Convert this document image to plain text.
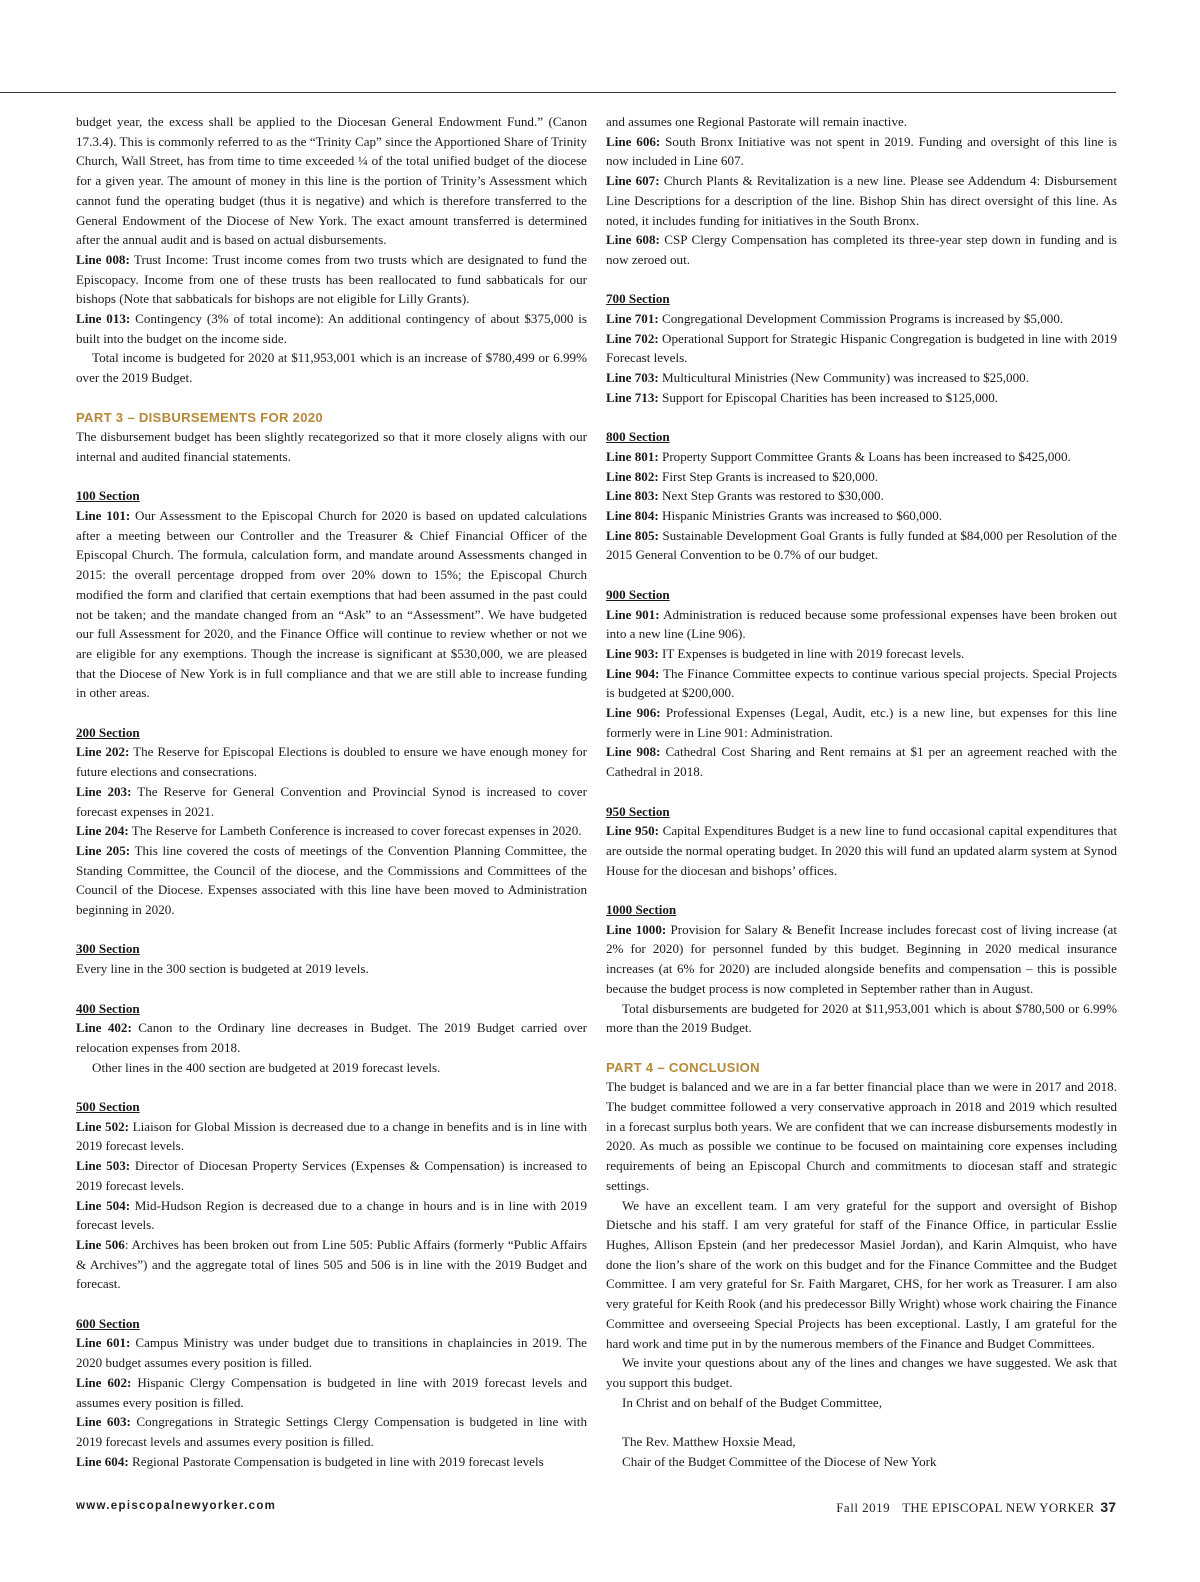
budget year, the excess shall be applied to the Diocesan General Endowment Fund.” (Canon 17.3.4). This is commonly referred to as the “Trinity Cap” since the Apportioned Share of Trinity Church, Wall Street, has from time to time exceeded ¼ of the total unified budget of the diocese for a given year. The amount of money in this line is the portion of Trinity’s Assessment which cannot fund the operating budget (thus it is negative) and which is therefore transferred to the General Endowment of the Diocese of New York. The exact amount transferred is determined after the annual audit and is based on actual disbursements.

Line 008: Trust Income: Trust income comes from two trusts which are designated to fund the Episcopacy. Income from one of these trusts has been reallocated to fund sabbaticals for our bishops (Note that sabbaticals for bishops are not eligible for Lilly Grants).

Line 013: Contingency (3% of total income): An additional contingency of about $375,000 is built into the budget on the income side.

Total income is budgeted for 2020 at $11,953,001 which is an increase of $780,499 or 6.99% over the 2019 Budget.

PART 3 – DISBURSEMENTS FOR 2020

The disbursement budget has been slightly recategorized so that it more closely aligns with our internal and audited financial statements.

100 Section

Line 101: Our Assessment to the Episcopal Church for 2020 is based on updated calculations after a meeting between our Controller and the Treasurer & Chief Financial Officer of the Episcopal Church. The formula, calculation form, and mandate around Assessments changed in 2015: the overall percentage dropped from over 20% down to 15%; the Episcopal Church modified the form and clarified that certain exemptions that had been assumed in the past could not be taken; and the mandate changed from an “Ask” to an “Assessment”. We have budgeted our full Assessment for 2020, and the Finance Office will continue to review whether or not we are eligible for any exemptions. Though the increase is significant at $530,000, we are pleased that the Diocese of New York is in full compliance and that we are still able to increase funding in other areas.

200 Section

Line 202: The Reserve for Episcopal Elections is doubled to ensure we have enough money for future elections and consecrations.

Line 203: The Reserve for General Convention and Provincial Synod is increased to cover forecast expenses in 2021.

Line 204: The Reserve for Lambeth Conference is increased to cover forecast expenses in 2020.

Line 205: This line covered the costs of meetings of the Convention Planning Committee, the Standing Committee, the Council of the diocese, and the Commissions and Committees of the Council of the Diocese. Expenses associated with this line have been moved to Administration beginning in 2020.

300 Section

Every line in the 300 section is budgeted at 2019 levels.

400 Section

Line 402: Canon to the Ordinary line decreases in Budget. The 2019 Budget carried over relocation expenses from 2018.

Other lines in the 400 section are budgeted at 2019 forecast levels.

500 Section

Line 502: Liaison for Global Mission is decreased due to a change in benefits and is in line with 2019 forecast levels.

Line 503: Director of Diocesan Property Services (Expenses & Compensation) is increased to 2019 forecast levels.

Line 504: Mid-Hudson Region is decreased due to a change in hours and is in line with 2019 forecast levels.

Line 506: Archives has been broken out from Line 505: Public Affairs (formerly “Public Affairs & Archives”) and the aggregate total of lines 505 and 506 is in line with the 2019 Budget and forecast.

600 Section

Line 601: Campus Ministry was under budget due to transitions in chaplaincies in 2019. The 2020 budget assumes every position is filled.

Line 602: Hispanic Clergy Compensation is budgeted in line with 2019 forecast levels and assumes every position is filled.

Line 603: Congregations in Strategic Settings Clergy Compensation is budgeted in line with 2019 forecast levels and assumes every position is filled.

Line 604: Regional Pastorate Compensation is budgeted in line with 2019 forecast levels

and assumes one Regional Pastorate will remain inactive.

Line 606: South Bronx Initiative was not spent in 2019. Funding and oversight of this line is now included in Line 607.

Line 607: Church Plants & Revitalization is a new line. Please see Addendum 4: Disbursement Line Descriptions for a description of the line. Bishop Shin has direct oversight of this line. As noted, it includes funding for initiatives in the South Bronx.

Line 608: CSP Clergy Compensation has completed its three-year step down in funding and is now zeroed out.

700 Section

Line 701: Congregational Development Commission Programs is increased by $5,000.

Line 702: Operational Support for Strategic Hispanic Congregation is budgeted in line with 2019 Forecast levels.

Line 703: Multicultural Ministries (New Community) was increased to $25,000.

Line 713: Support for Episcopal Charities has been increased to $125,000.

800 Section

Line 801: Property Support Committee Grants & Loans has been increased to $425,000.

Line 802: First Step Grants is increased to $20,000.

Line 803: Next Step Grants was restored to $30,000.

Line 804: Hispanic Ministries Grants was increased to $60,000.

Line 805: Sustainable Development Goal Grants is fully funded at $84,000 per Resolution of the 2015 General Convention to be 0.7% of our budget.

900 Section

Line 901: Administration is reduced because some professional expenses have been broken out into a new line (Line 906).

Line 903: IT Expenses is budgeted in line with 2019 forecast levels.

Line 904: The Finance Committee expects to continue various special projects. Special Projects is budgeted at $200,000.

Line 906: Professional Expenses (Legal, Audit, etc.) is a new line, but expenses for this line formerly were in Line 901: Administration.

Line 908: Cathedral Cost Sharing and Rent remains at $1 per an agreement reached with the Cathedral in 2018.

950 Section

Line 950: Capital Expenditures Budget is a new line to fund occasional capital expenditures that are outside the normal operating budget. In 2020 this will fund an updated alarm system at Synod House for the diocesan and bishops’ offices.

1000 Section

Line 1000: Provision for Salary & Benefit Increase includes forecast cost of living increase (at 2% for 2020) for personnel funded by this budget. Beginning in 2020 medical insurance increases (at 6% for 2020) are included alongside benefits and compensation – this is possible because the budget process is now completed in September rather than in August.

Total disbursements are budgeted for 2020 at $11,953,001 which is about $780,500 or 6.99% more than the 2019 Budget.

PART 4 – CONCLUSION

The budget is balanced and we are in a far better financial place than we were in 2017 and 2018. The budget committee followed a very conservative approach in 2018 and 2019 which resulted in a forecast surplus both years. We are confident that we can increase disbursements modestly in 2020. As much as possible we continue to be focused on maintaining core expenses including requirements of being an Episcopal Church and commitments to diocesan staff and strategic settings.

We have an excellent team. I am very grateful for the support and oversight of Bishop Dietsche and his staff. I am very grateful for staff of the Finance Office, in particular Esslie Hughes, Allison Epstein (and her predecessor Masiel Jordan), and Karin Almquist, who have done the lion’s share of the work on this budget and for the Finance Committee and the Budget Committee. I am very grateful for Sr. Faith Margaret, CHS, for her work as Treasurer. I am also very grateful for Keith Rook (and his predecessor Billy Wright) whose work chairing the Finance Committee and overseeing Special Projects has been exceptional. Lastly, I am grateful for the hard work and time put in by the numerous members of the Finance and Budget Committees.

We invite your questions about any of the lines and changes we have suggested. We ask that you support this budget.

In Christ and on behalf of the Budget Committee,

The Rev. Matthew Hoxsie Mead,

Chair of the Budget Committee of the Diocese of New York

www.episcopalnewyorker.com	Fall 2019 THE EPISCOPAL NEW YORKER 37
